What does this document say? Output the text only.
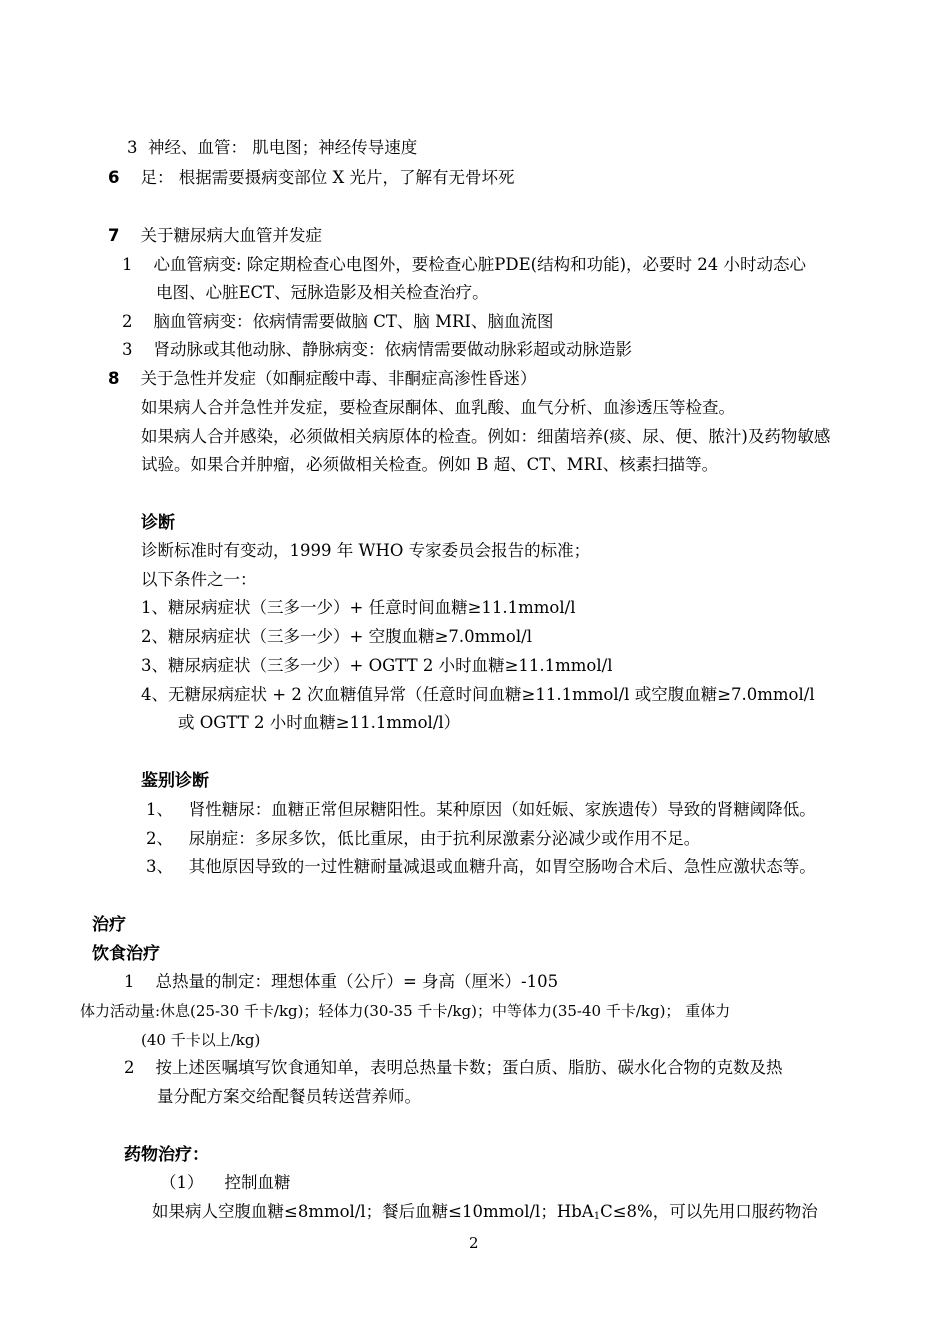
3 神经、血管： 肌电图；神经传导速度
6 足： 根据需要摄病变部位 X 光片，了解有无骨坏死
7 关于糖尿病大血管并发症
1 心血管病变: 除定期检查心电图外，要检查心脏PDE(结构和功能)，必要时 24 小时动态心
电图、心脏ECT、冠脉造影及相关检查治疗。
2 脑血管病变：依病情需要做脑 CT、脑 MRI、脑血流图
3 肾动脉或其他动脉、静脉病变：依病情需要做动脉彩超或动脉造影
8 关于急性并发症（如酮症酸中毒、非酮症高渗性昏迷）
如果病人合并急性并发症，要检查尿酮体、血乳酸、血气分析、血渗透压等检查。
如果病人合并感染，必须做相关病原体的检查。例如：细菌培养(痰、尿、便、脓汁)及药物敏感
试验。如果合并肿瘤，必须做相关检查。例如 B 超、CT、MRI、核素扫描等。
诊断
诊断标准时有变动，1999 年 WHO 专家委员会报告的标准；
以下条件之一：
1、糖尿病症状（三多一少）+ 任意时间血糖≥11.1mmol/l
2、糖尿病症状（三多一少）+ 空腹血糖≥7.0mmol/l
3、糖尿病症状（三多一少）+ OGTT 2 小时血糖≥11.1mmol/l
4、无糖尿病症状 + 2 次血糖值异常（任意时间血糖≥11.1mmol/l 或空腹血糖≥7.0mmol/l
或 OGTT 2 小时血糖≥11.1mmol/l）
鉴别诊断
1、 肾性糖尿：血糖正常但尿糖阳性。某种原因（如妊娠、家族遗传）导致的肾糖阈降低。
2、 尿崩症：多尿多饮，低比重尿，由于抗利尿激素分泌减少或作用不足。
3、 其他原因导致的一过性糖耐量减退或血糖升高，如胃空肠吻合术后、急性应激状态等。
治疗
饮食治疗
1 总热量的制定：理想体重（公斤）= 身高（厘米）-105
体力活动量:休息(25-30 千卡/kg)；轻体力(30-35 千卡/kg)；中等体力(35-40 千卡/kg)； 重体力
(40 千卡以上/kg)
2 按上述医嘱填写饮食通知单，表明总热量卡数；蛋白质、脂肪、碳水化合物的克数及热
量分配方案交给配餐员转送营养师。
药物治疗：
（1） 控制血糖
如果病人空腹血糖≤8mmol/l；餐后血糖≤10mmol/l；HbA$_1$C≤8%，可以先用口服药物治
2
